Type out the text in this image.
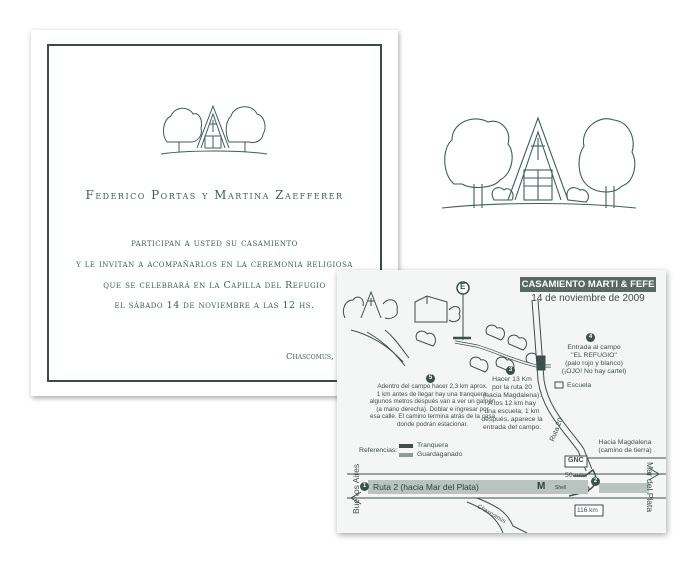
Federico Portas y Martina Zaefferer
participan a usted su casamiento
y le invitan a acompañarlos en la ceremonia religiosa
que se celebrará en la Capilla del Refugio
el sábado 14 de noviembre a las 12 hs.
Chascomus,
CASAMIENTO MARTI & FEFE
14 de noviembre de 2009
E
4
Entrada al campo
"EL REFUGIO"
(palo rojo y blanco)
(¡OJO! No hay cartel)
Escuela
5
Adentro del campo hacer 2,3 km aprox.
1 km antes de llegar hay una tranquera,
algunos metros después van a ver un galpón
(a mano derecha). Doblar e ingresar por
esa calle. El camino termina atrás de la casa
donde podrán estacionar.
3
Hacer 13 Km
por la ruta 20
(hacia Magdalena).
A los 12 km hay
una escuela; 1 km
después, aparece la
entrada del campo.
Hacia Magdalena
(camino de tierra)
Ruta 20
GNC
Referencias:
Tranquera
Guardaganado
50 mts.
1 Ruta 2 (hacia Mar del Plata)	M Shell
2
Buenos Aires	Mar del Plata
Chascomús	116 km
